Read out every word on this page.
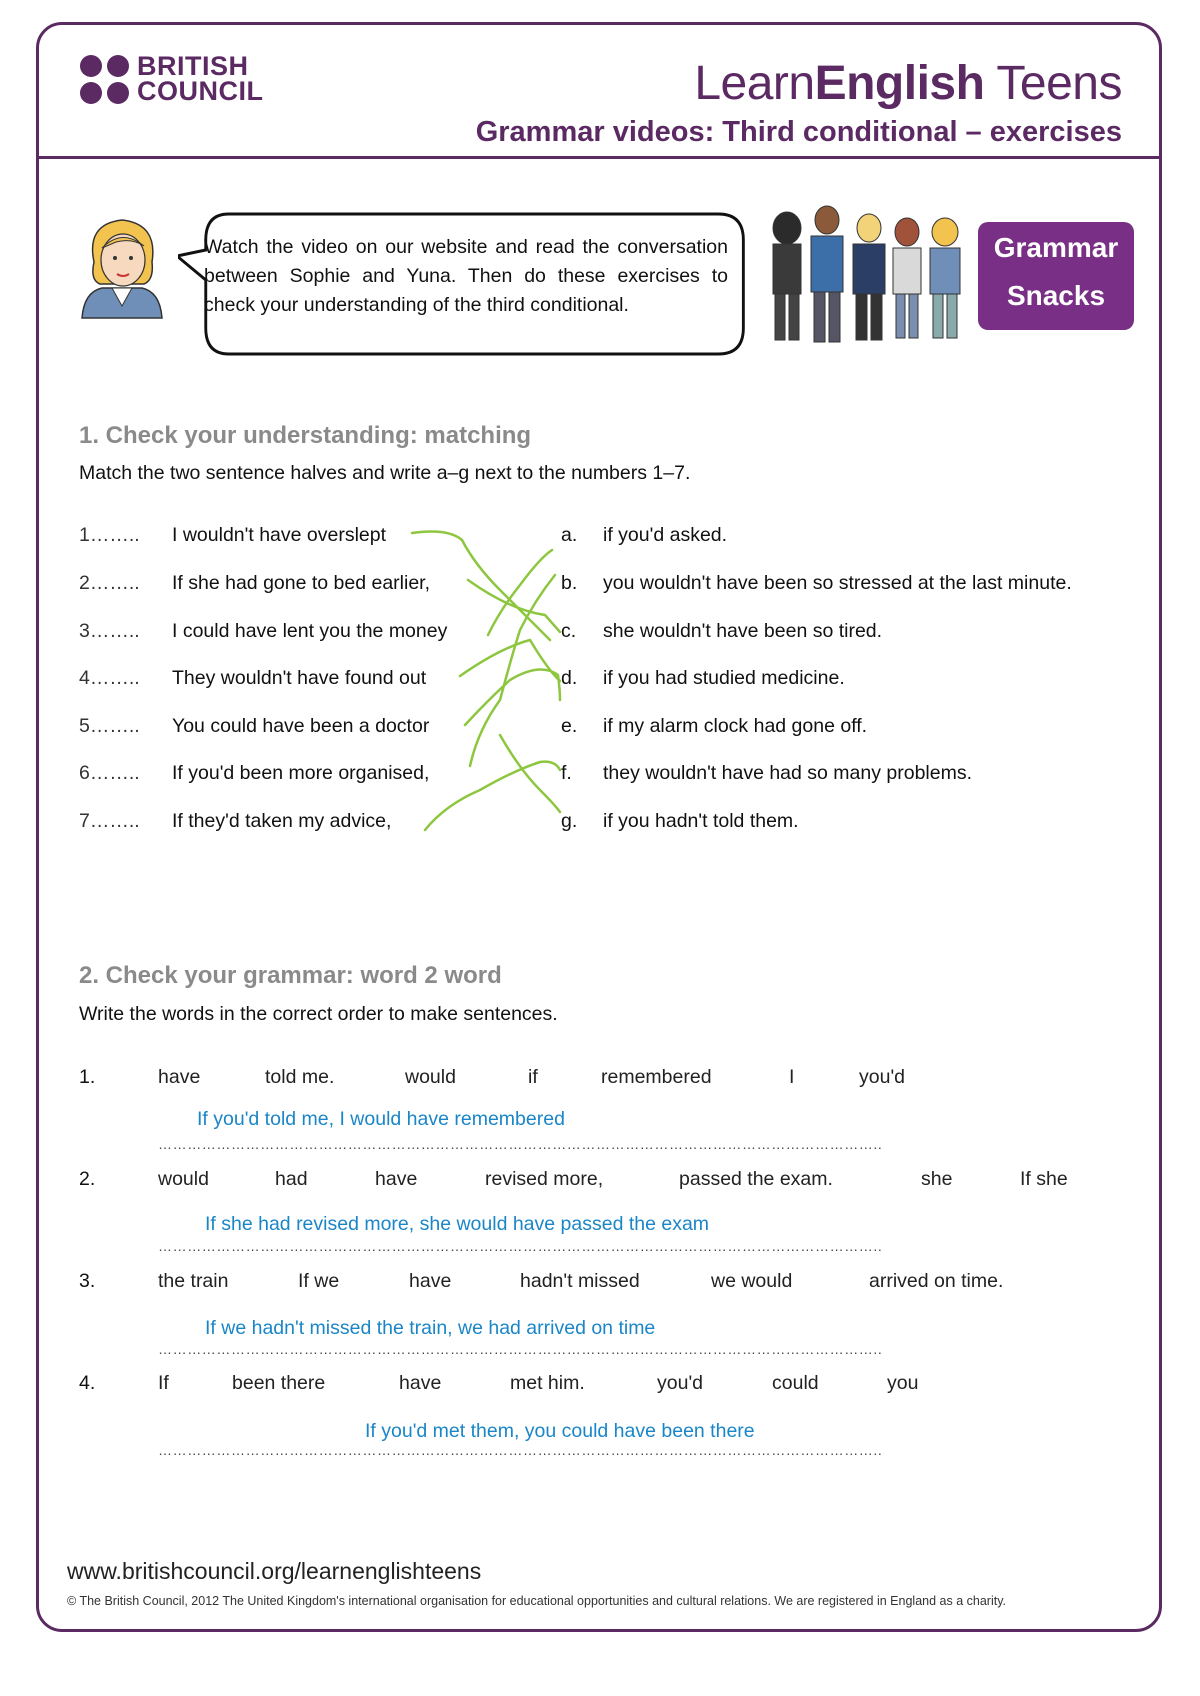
BRITISH
COUNCIL	LearnEnglish Teens
Grammar videos: Third conditional – exercises
Watch the video on our website and read the conversation between Sophie and Yuna. Then do these exercises to check your understanding of the third conditional.
Grammar
Snacks
1. Check your understanding: matching
Match the two sentence halves and write a–g next to the numbers 1–7.
1…….. I wouldn't have overslept	a. if you'd asked.
2…….. If she had gone to bed earlier,	b. you wouldn't have been so stressed at the last minute.
3…….. I could have lent you the money	c. she wouldn't have been so tired.
4…….. They wouldn't have found out	d. if you had studied medicine.
5…….. You could have been a doctor	e. if my alarm clock had gone off.
6…….. If you'd been more organised,	f. they wouldn't have had so many problems.
7…….. If they'd taken my advice,	g. if you hadn't told them.
2. Check your grammar: word 2 word
Write the words in the correct order to make sentences.
1.	have	told me.	would	if	remembered	I	you'd
If you'd told me, I would have remembered
…………………………………………………………………………………………………………………………………..
2.	would	had	have	revised more,	passed the exam.	she	If she
If she had revised more, she would have passed the exam
…………………………………………………………………………………………………………………………………..
3.	the train	If we	have	hadn't missed	we would	arrived on time.
If we hadn't missed the train, we had arrived on time
…………………………………………………………………………………………………………………………………..
4.	If	been there	have	met him.	you'd	could	you
If you'd met them, you could have been there
…………………………………………………………………………………………………………………………………..
www.britishcouncil.org/learnenglishteens
© The British Council, 2012 The United Kingdom's international organisation for educational opportunities and cultural relations. We are registered in England as a charity.
